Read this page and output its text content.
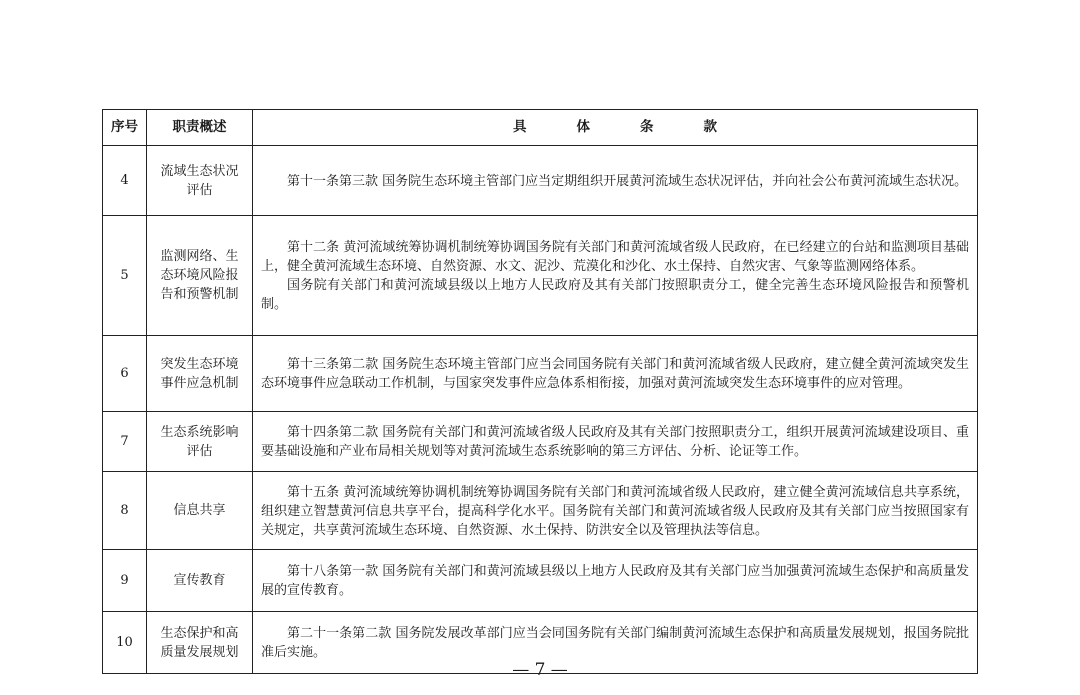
序号	职责概述	具体条款
4	流域生态状况评估	第十一条第三款 国务院生态环境主管部门应当定期组织开展黄河流域生态状况评估，并向社会公布黄河流域生态状况。

5	监测网络、生态环境风险报告和预警机制	第十二条 黄河流域统筹协调机制统筹协调国务院有关部门和黄河流域省级人民政府，在已经建立的台站和监测项目基础上，健全黄河流域生态环境、自然资源、水文、泥沙、荒漠化和沙化、水土保持、自然灾害、气象等监测网络体系。

国务院有关部门和黄河流域县级以上地方人民政府及其有关部门按照职责分工，健全完善生态环境风险报告和预警机制。

6	突发生态环境事件应急机制	第十三条第二款 国务院生态环境主管部门应当会同国务院有关部门和黄河流域省级人民政府，建立健全黄河流域突发生态环境事件应急联动工作机制，与国家突发事件应急体系相衔接，加强对黄河流域突发生态环境事件的应对管理。

7	生态系统影响评估	第十四条第二款 国务院有关部门和黄河流域省级人民政府及其有关部门按照职责分工，组织开展黄河流域建设项目、重要基础设施和产业布局相关规划等对黄河流域生态系统影响的第三方评估、分析、论证等工作。

8	信息共享	第十五条 黄河流域统筹协调机制统筹协调国务院有关部门和黄河流域省级人民政府，建立健全黄河流域信息共享系统，组织建立智慧黄河信息共享平台，提高科学化水平。国务院有关部门和黄河流域省级人民政府及其有关部门应当按照国家有关规定，共享黄河流域生态环境、自然资源、水土保持、防洪安全以及管理执法等信息。

9	宣传教育	第十八条第一款 国务院有关部门和黄河流域县级以上地方人民政府及其有关部门应当加强黄河流域生态保护和高质量发展的宣传教育。

10	生态保护和高质量发展规划	第二十一条第二款 国务院发展改革部门应当会同国务院有关部门编制黄河流域生态保护和高质量发展规划，报国务院批准后实施。

— 7 —
